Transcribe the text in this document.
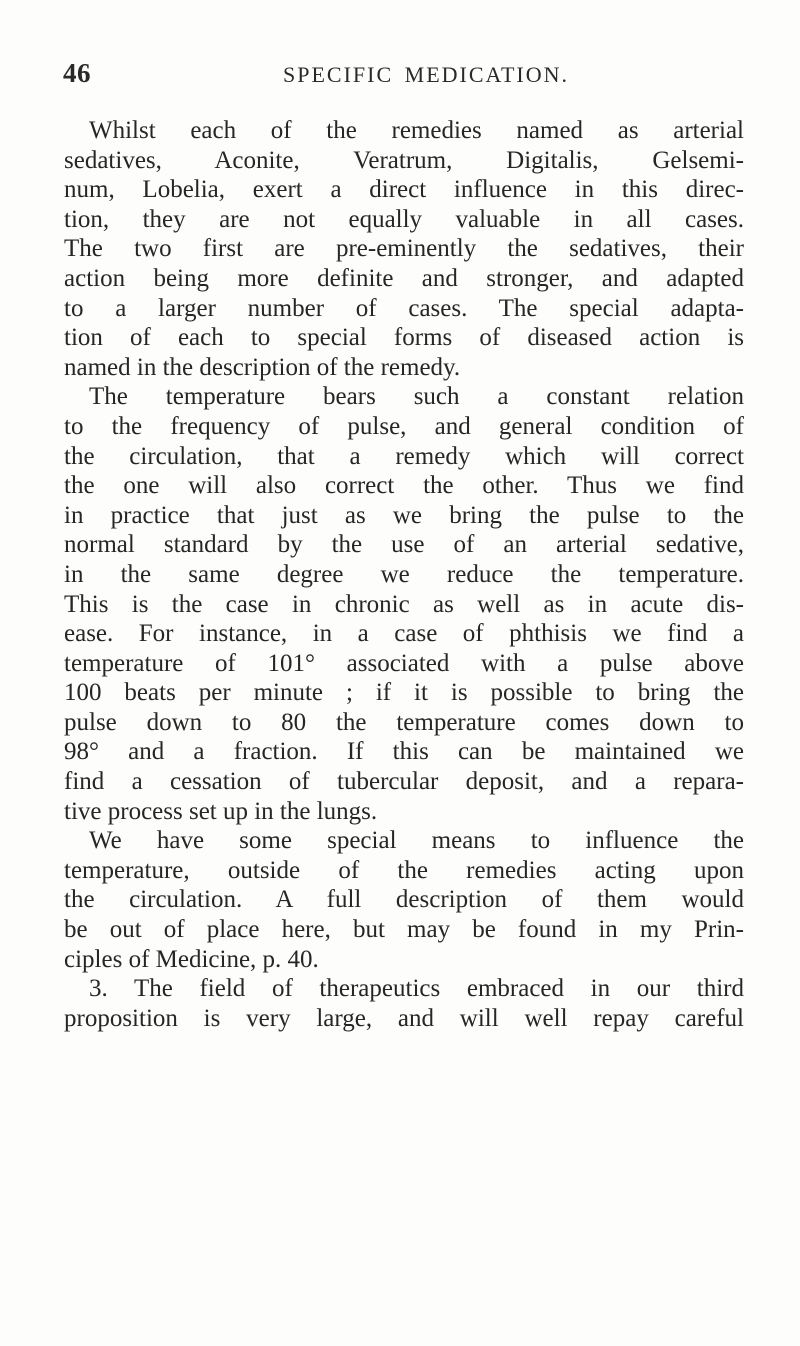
46	SPECIFIC MEDICATION.
Whilst each of the remedies named as arterial
sedatives, Aconite, Veratrum, Digitalis, Gelsemi-
num, Lobelia, exert a direct influence in this direc-
tion, they are not equally valuable in all cases.
The two first are pre-eminently the sedatives, their
action being more definite and stronger, and adapted
to a larger number of cases. The special adapta-
tion of each to special forms of diseased action is
named in the description of the remedy.
The temperature bears such a constant relation
to the frequency of pulse, and general condition of
the circulation, that a remedy which will correct
the one will also correct the other. Thus we find
in practice that just as we bring the pulse to the
normal standard by the use of an arterial sedative,
in the same degree we reduce the temperature.
This is the case in chronic as well as in acute dis-
ease. For instance, in a case of phthisis we find a
temperature of 101° associated with a pulse above
100 beats per minute ; if it is possible to bring the
pulse down to 80 the temperature comes down to
98° and a fraction. If this can be maintained we
find a cessation of tubercular deposit, and a repara-
tive process set up in the lungs.
We have some special means to influence the
temperature, outside of the remedies acting upon
the circulation. A full description of them would
be out of place here, but may be found in my Prin-
ciples of Medicine, p. 40.
3. The field of therapeutics embraced in our third
proposition is very large, and will well repay careful
